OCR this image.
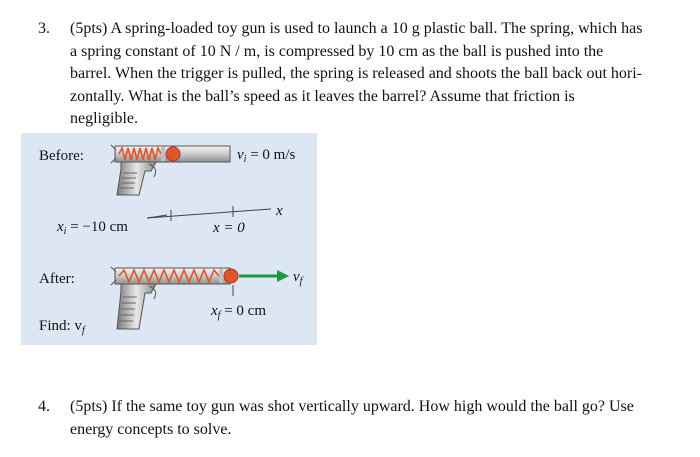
3.	(5pts) A spring-loaded toy gun is used to launch a 10 g plastic ball. The spring, which has
a spring constant of 10 N / m, is compressed by 10 cm as the ball is pushed into the
barrel. When the trigger is pulled, the spring is released and shoots the ball back out hori-
zontally. What is the ball’s speed as it leaves the barrel? Assume that friction is
negligible.
Before:	$v_i = 0$ m/s
x
$x_i = -10$ cm	x = 0
After:	$v_f$
$x_f = 0$ cm
Find: $v_f$
4.	(5pts) If the same toy gun was shot vertically upward. How high would the ball go? Use
energy concepts to solve.
